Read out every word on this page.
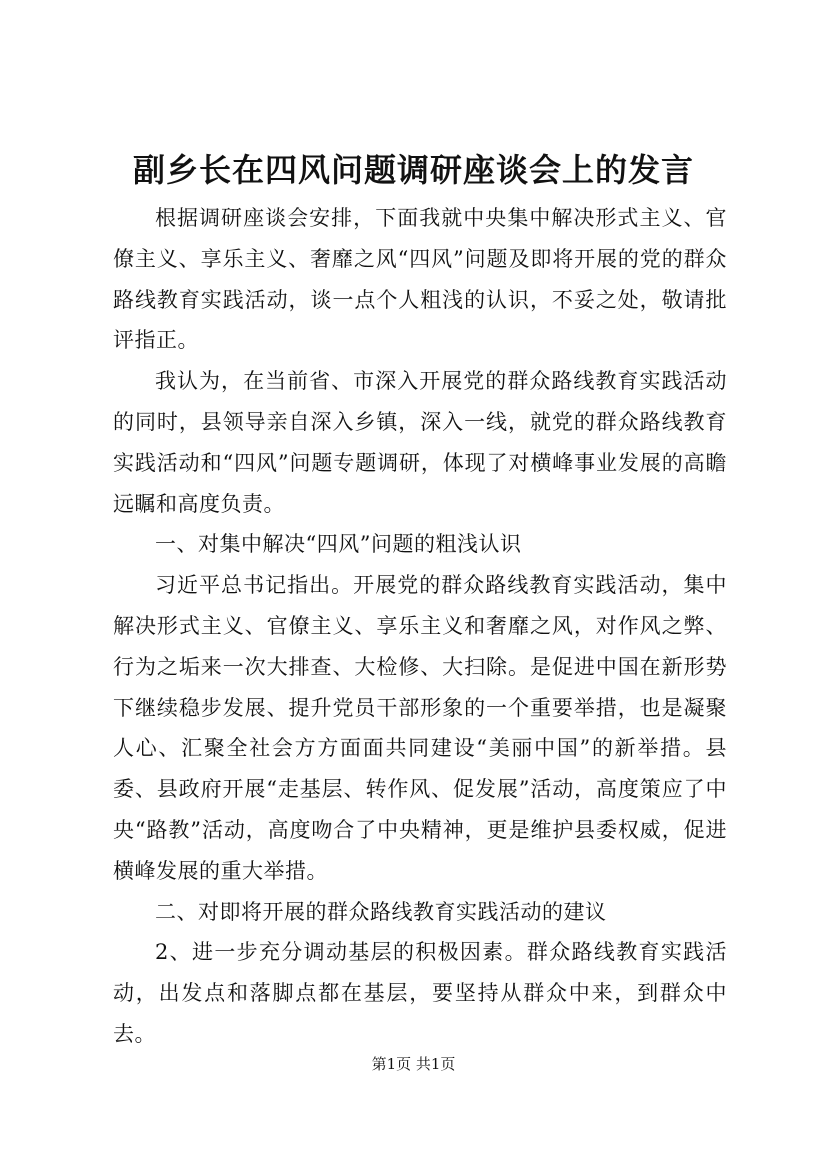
副乡长在四风问题调研座谈会上的发言

根据调研座谈会安排，下面我就中央集中解决形式主义、官僚主义、享乐主义、奢靡之风“四风”问题及即将开展的党的群众路线教育实践活动，谈一点个人粗浅的认识，不妥之处，敬请批评指正。

我认为，在当前省、市深入开展党的群众路线教育实践活动的同时，县领导亲自深入乡镇，深入一线，就党的群众路线教育实践活动和“四风”问题专题调研，体现了对横峰事业发展的高瞻远瞩和高度负责。

一、对集中解决“四风”问题的粗浅认识

习近平总书记指出。开展党的群众路线教育实践活动，集中解决形式主义、官僚主义、享乐主义和奢靡之风，对作风之弊、行为之垢来一次大排查、大检修、大扫除。是促进中国在新形势下继续稳步发展、提升党员干部形象的一个重要举措，也是凝聚人心、汇聚全社会方方面面共同建设“美丽中国”的新举措。县委、县政府开展“走基层、转作风、促发展”活动，高度策应了中央“路教”活动，高度吻合了中央精神，更是维护县委权威，促进横峰发展的重大举措。

二、对即将开展的群众路线教育实践活动的建议

2、进一步充分调动基层的积极因素。群众路线教育实践活动，出发点和落脚点都在基层，要坚持从群众中来，到群众中去。

第1页 共1页
